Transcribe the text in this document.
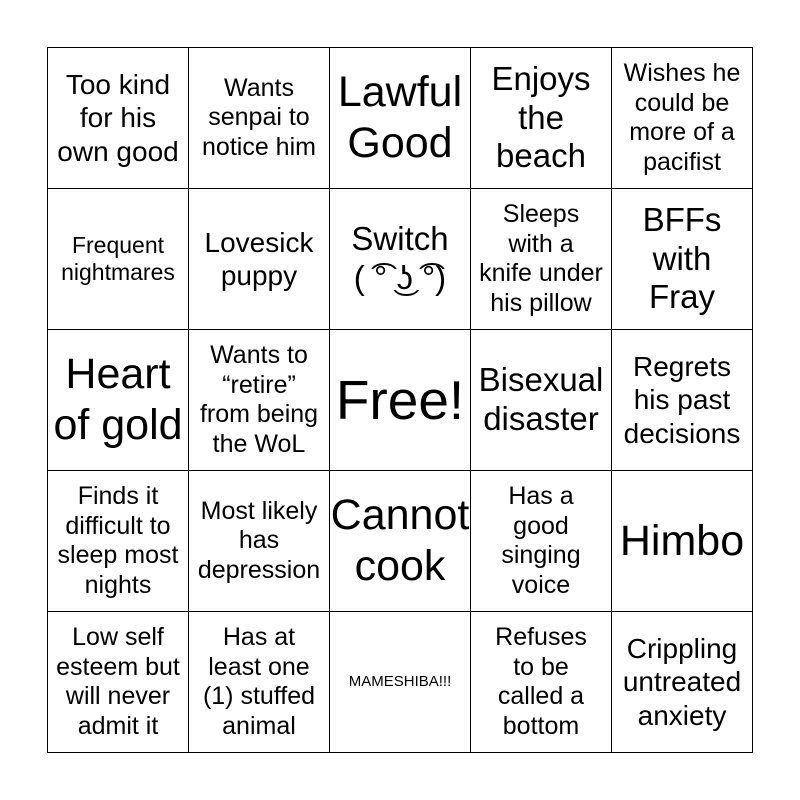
Too kind
for his
own good
Wants
senpai to
notice him
Lawful
Good
Enjoys
the
beach
Wishes he
could be
more of a
pacifist
Frequent
nightmares
Lovesick
puppy
Switch
( ͡° ͜ʖ ͡°)
Sleeps
with a
knife under
his pillow
BFFs
with
Fray
Heart
of gold
Wants to
“retire”
from being
the WoL
Free! Bisexual
disaster
Regrets
his past
decisions
Finds it
difficult to
sleep most
nights
Most likely
has
depression
Cannot
cook
Has a
good
singing
voice
Himbo
Low self
esteem but
will never
admit it
Has at
least one
(1) stuffed
animal
MAMESHIBA!!!
Refuses
to be
called a
bottom
Crippling
untreated
anxiety
